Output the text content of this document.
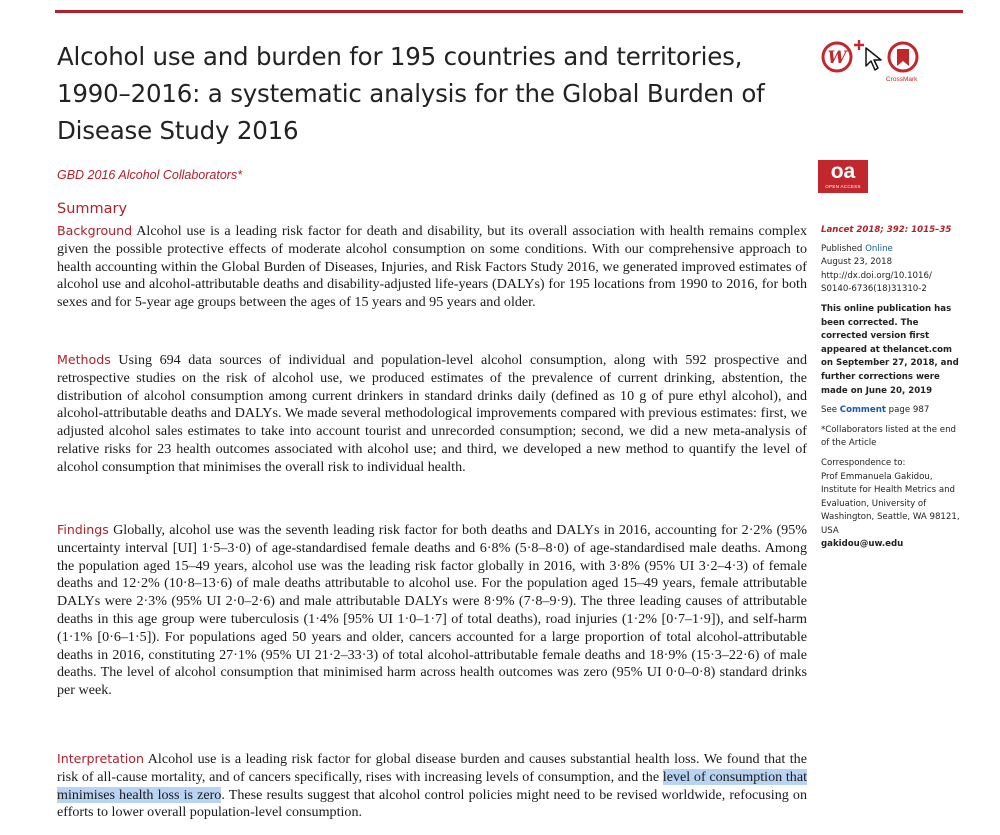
Alcohol use and burden for 195 countries and territories, 1990–2016: a systematic analysis for the Global Burden of Disease Study 2016
GBD 2016 Alcohol Collaborators*
W
CrossMark
oa
OPEN ACCESS
Summary

Background Alcohol use is a leading risk factor for death and disability, but its overall association with health remains complex given the possible protective effects of moderate alcohol consumption on some conditions. With our comprehensive approach to health accounting within the Global Burden of Diseases, Injuries, and Risk Factors Study 2016, we generated improved estimates of alcohol use and alcohol-attributable deaths and disability-adjusted life-years (DALYs) for 195 locations from 1990 to 2016, for both sexes and for 5-year age groups between the ages of 15 years and 95 years and older.

Methods Using 694 data sources of individual and population-level alcohol consumption, along with 592 prospective and retrospective studies on the risk of alcohol use, we produced estimates of the prevalence of current drinking, abstention, the distribution of alcohol consumption among current drinkers in standard drinks daily (defined as 10 g of pure ethyl alcohol), and alcohol-attributable deaths and DALYs. We made several methodological improvements compared with previous estimates: first, we adjusted alcohol sales estimates to take into account tourist and unrecorded consumption; second, we did a new meta-analysis of relative risks for 23 health outcomes associated with alcohol use; and third, we developed a new method to quantify the level of alcohol consumption that minimises the overall risk to individual health.

Findings Globally, alcohol use was the seventh leading risk factor for both deaths and DALYs in 2016, accounting for 2·2% (95% uncertainty interval [UI] 1·5–3·0) of age-standardised female deaths and 6·8% (5·8–8·0) of age-standardised male deaths. Among the population aged 15–49 years, alcohol use was the leading risk factor globally in 2016, with 3·8% (95% UI 3·2–4·3) of female deaths and 12·2% (10·8–13·6) of male deaths attributable to alcohol use. For the population aged 15–49 years, female attributable DALYs were 2·3% (95% UI 2·0–2·6) and male attributable DALYs were 8·9% (7·8–9·9). The three leading causes of attributable deaths in this age group were tuberculosis (1·4% [95% UI 1·0–1·7] of total deaths), road injuries (1·2% [0·7–1·9]), and self-harm (1·1% [0·6–1·5]). For populations aged 50 years and older, cancers accounted for a large proportion of total alcohol-attributable deaths in 2016, constituting 27·1% (95% UI 21·2–33·3) of total alcohol-attributable female deaths and 18·9% (15·3–22·6) of male deaths. The level of alcohol consumption that minimised harm across health outcomes was zero (95% UI 0·0–0·8) standard drinks per week.

Interpretation Alcohol use is a leading risk factor for global disease burden and causes substantial health loss. We found that the risk of all-cause mortality, and of cancers specifically, rises with increasing levels of consumption, and the level of consumption that minimises health loss is zero. These results suggest that alcohol control policies might need to be revised worldwide, refocusing on efforts to lower overall population-level consumption.

Lancet 2018; 392: 1015–35

Published Online
August 23, 2018 http://dx.doi.org/10.1016/ S0140-6736(18)31310-2

This online publication has been corrected. The corrected version first appeared at thelancet.com on September 27, 2018, and further corrections were made on June 20, 2019

See Comment page 987

*Collaborators listed at the end of the Article

Correspondence to:
Prof Emmanuela Gakidou, Institute for Health Metrics and Evaluation, University of Washington, Seattle, WA 98121, USA

gakidou@uw.edu
